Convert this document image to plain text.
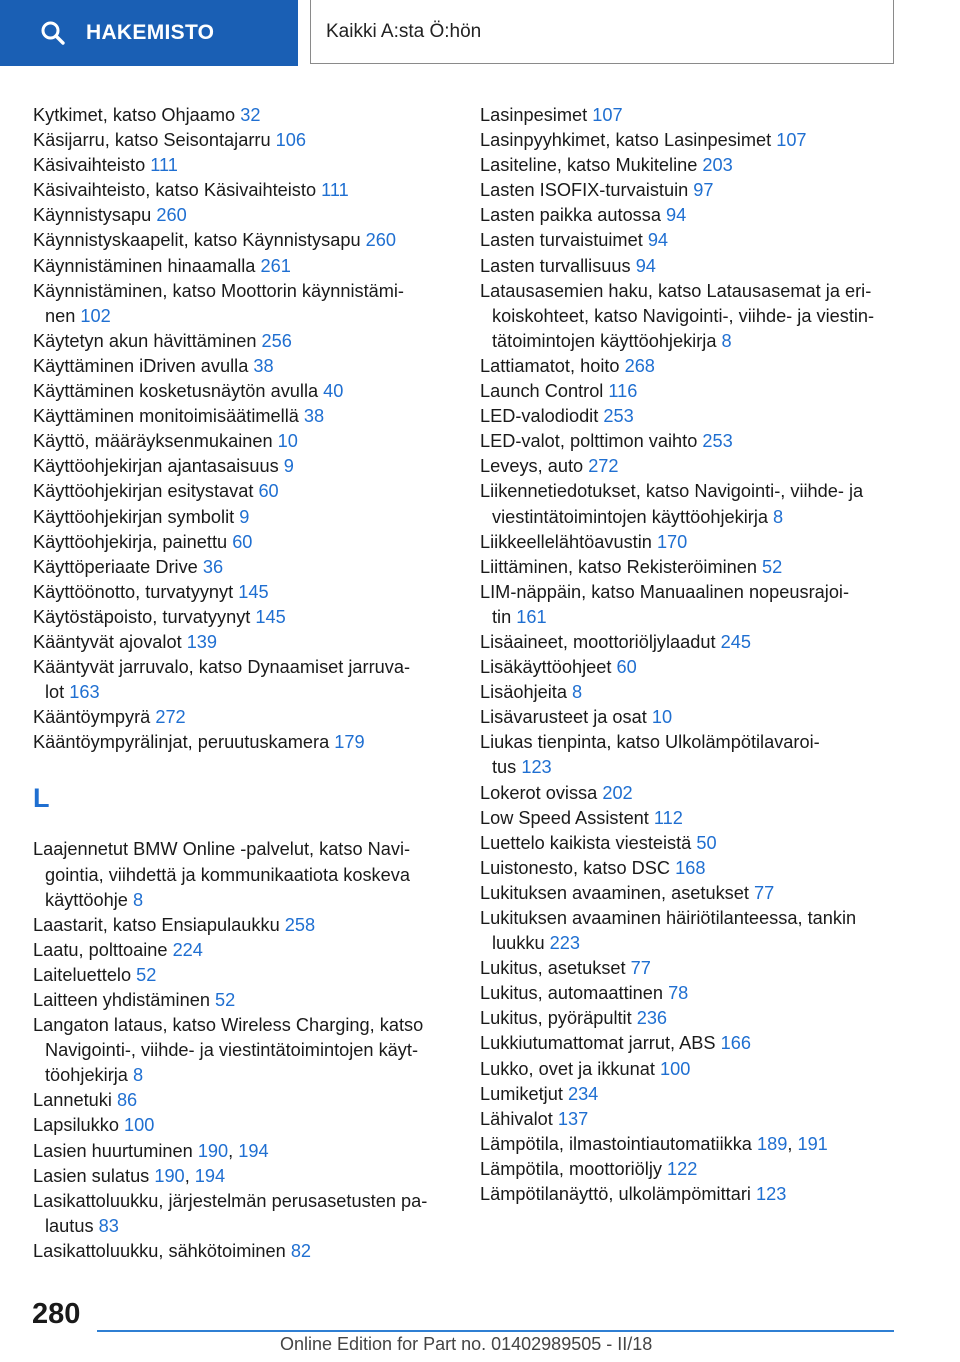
HAKEMISTO	Kaikki A:sta Ö:hön
Kytkimet, katso Ohjaamo 32
Käsijarru, katso Seisontajarru 106
Käsivaihteisto 111
Käsivaihteisto, katso Käsivaihteisto 111
Käynnistysapu 260
Käynnistyskaapelit, katso Käynnistysapu 260
Käynnistäminen hinaamalla 261
Käynnistäminen, katso Moottorin käynnistämi-
nen 102
Käytetyn akun hävittäminen 256
Käyttäminen iDriven avulla 38
Käyttäminen kosketusnäytön avulla 40
Käyttäminen monitoimisäätimellä 38
Käyttö, määräyksenmukainen 10
Käyttöohjekirjan ajantasaisuus 9
Käyttöohjekirjan esitystavat 60
Käyttöohjekirjan symbolit 9
Käyttöohjekirja, painettu 60
Käyttöperiaate Drive 36
Käyttöönotto, turvatyynyt 145
Käytöstäpoisto, turvatyynyt 145
Kääntyvät ajovalot 139
Kääntyvät jarruvalo, katso Dynaamiset jarruva-
lot 163
Kääntöympyrä 272
Kääntöympyrälinjat, peruutuskamera 179
L
Laajennetut BMW Online -palvelut, katso Navi-
gointia, viihdettä ja kommunikaatiota koskeva
käyttöohje 8
Laastarit, katso Ensiapulaukku 258
Laatu, polttoaine 224
Laiteluettelo 52
Laitteen yhdistäminen 52
Langaton lataus, katso Wireless Charging, katso
Navigointi-, viihde- ja viestintätoimintojen käyt-
töohjekirja 8
Lannetuki 86
Lapsilukko 100
Lasien huurtuminen 190, 194
Lasien sulatus 190, 194
Lasikattoluukku, järjestelmän perusasetusten pa-
lautus 83
Lasikattoluukku, sähkötoiminen 82
Lasinpesimet 107
Lasinpyyhkimet, katso Lasinpesimet 107
Lasiteline, katso Mukiteline 203
Lasten ISOFIX-turvaistuin 97
Lasten paikka autossa 94
Lasten turvaistuimet 94
Lasten turvallisuus 94
Latausasemien haku, katso Latausasemat ja eri-
koiskohteet, katso Navigointi-, viihde- ja viestin-
tätoimintojen käyttöohjekirja 8
Lattiamatot, hoito 268
Launch Control 116
LED-valodiodit 253
LED-valot, polttimon vaihto 253
Leveys, auto 272
Liikennetiedotukset, katso Navigointi-, viihde- ja
viestintätoimintojen käyttöohjekirja 8
Liikkeellelähtöavustin 170
Liittäminen, katso Rekisteröiminen 52
LIM-näppäin, katso Manuaalinen nopeusrajoi-
tin 161
Lisäaineet, moottoriöljylaadut 245
Lisäkäyttöohjeet 60
Lisäohjeita 8
Lisävarusteet ja osat 10
Liukas tienpinta, katso Ulkolämpötilavaroi-
tus 123
Lokerot ovissa 202
Low Speed Assistent 112
Luettelo kaikista viesteistä 50
Luistonesto, katso DSC 168
Lukituksen avaaminen, asetukset 77
Lukituksen avaaminen häiriötilanteessa, tankin
luukku 223
Lukitus, asetukset 77
Lukitus, automaattinen 78
Lukitus, pyöräpultit 236
Lukkiutumattomat jarrut, ABS 166
Lukko, ovet ja ikkunat 100
Lumiketjut 234
Lähivalot 137
Lämpötila, ilmastointiautomatiikka 189, 191
Lämpötila, moottoriöljy 122
Lämpötilanäyttö, ulkolämpömittari 123
280
Online Edition for Part no. 01402989505 - II/18
